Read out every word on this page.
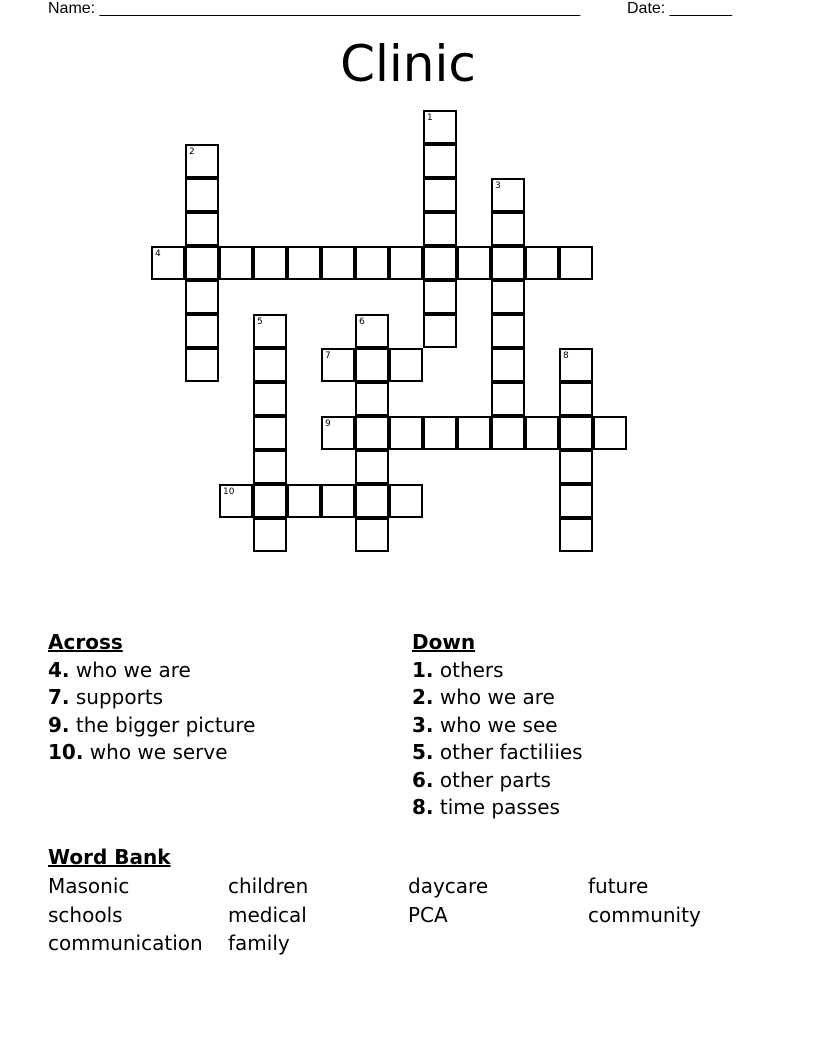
Name: ______________________________________________________	Date: _______
Clinic
1
2
3
4
5	6
7	8
9
10
Across
4. who we are
7. supports
9. the bigger picture
10. who we serve
Down
1. others
2. who we are
3. who we see
5. other factiliies
6. other parts
8. time passes
Word Bank
Masonic	children	daycare	future
schools	medical	PCA	community
communication	family
